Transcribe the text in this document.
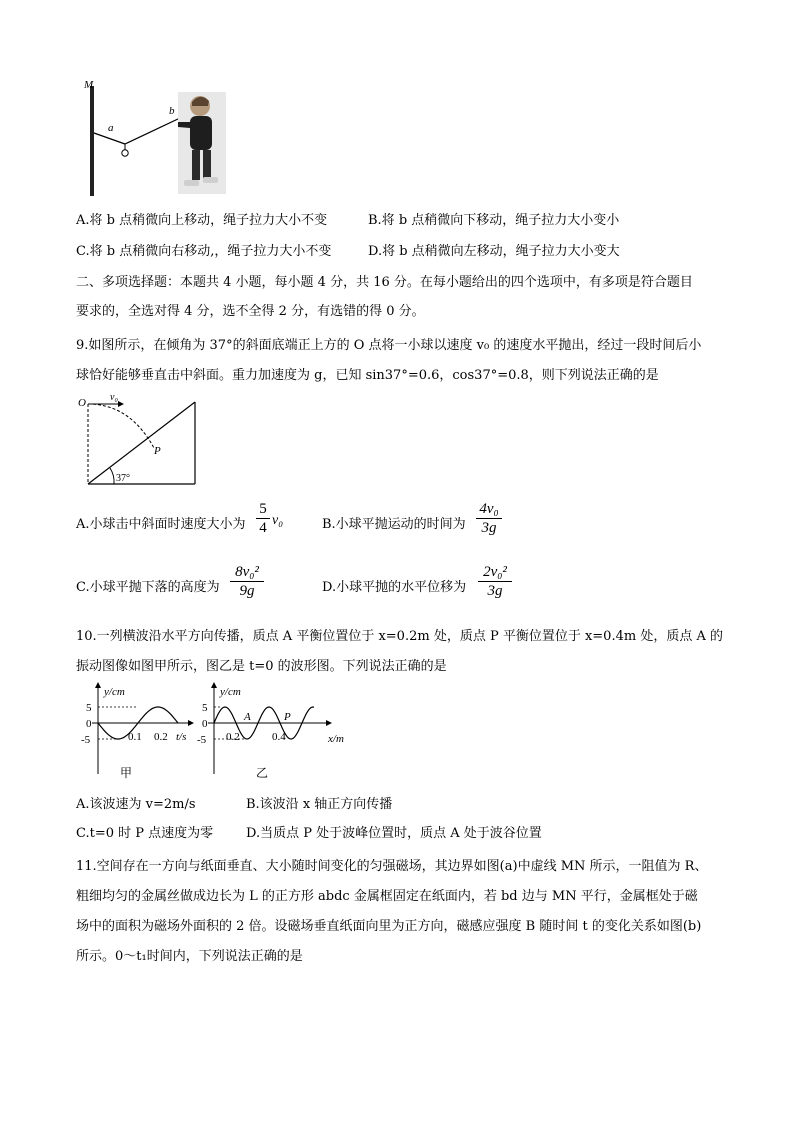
M
a
b
A.将 b 点稍微向上移动，绳子拉力大小不变	B.将 b 点稍微向下移动，绳子拉力大小变小
C.将 b 点稍微向右移动,，绳子拉力大小不变	D.将 b 点稍微向左移动，绳子拉力大小变大
二、多项选择题：本题共 4 小题，每小题 4 分，共 16 分。在每小题给出的四个选项中，有多项是符合题目
要求的，全选对得 4 分，选不全得 2 分，有选错的得 0 分。
9.如图所示，在倾角为 37°的斜面底端正上方的 O 点将一小球以速度 v₀ 的速度水平抛出，经过一段时间后小
球恰好能够垂直击中斜面。重力加速度为 g，已知 sin37°=0.6，cos37°=0.8，则下列说法正确的是
O v₀
P
37°
A.小球击中斜面时速度大小为 $\frac{5}{4} v_0$	B.小球平抛运动的时间为 $\frac{\text{4v₀}}{3g}$
C.小球平抛下落的高度为 $\frac{\text{8v₀²}}{9g}$	D.小球平抛的水平位移为 $\frac{\text{2v₀²}}{3g}$
10.一列横波沿水平方向传播，质点 A 平衡位置位于 x=0.2m 处，质点 P 平衡位置位于 x=0.4m 处，质点 A 的
振动图像如图甲所示，图乙是 t=0 的波形图。下列说法正确的是
y/cm
5
0
-5	0.1 0.2 t/s
甲
y/cm
5
0
-5 0.2	0.4	x/m
A	P
乙
A.该波速为 v=2m/s	B.该波沿 x 轴正方向传播
C.t=0 时 P 点速度为零	D.当质点 P 处于波峰位置时，质点 A 处于波谷位置
11.空间存在一方向与纸面垂直、大小随时间变化的匀强磁场，其边界如图(a)中虚线 MN 所示，一阻值为 R、
粗细均匀的金属丝做成边长为 L 的正方形 abdc 金属框固定在纸面内，若 bd 边与 MN 平行，金属框处于磁
场中的面积为磁场外面积的 2 倍。设磁场垂直纸面向里为正方向，磁感应强度 B 随时间 t 的变化关系如图(b)
所示。0～t₁时间内，下列说法正确的是
